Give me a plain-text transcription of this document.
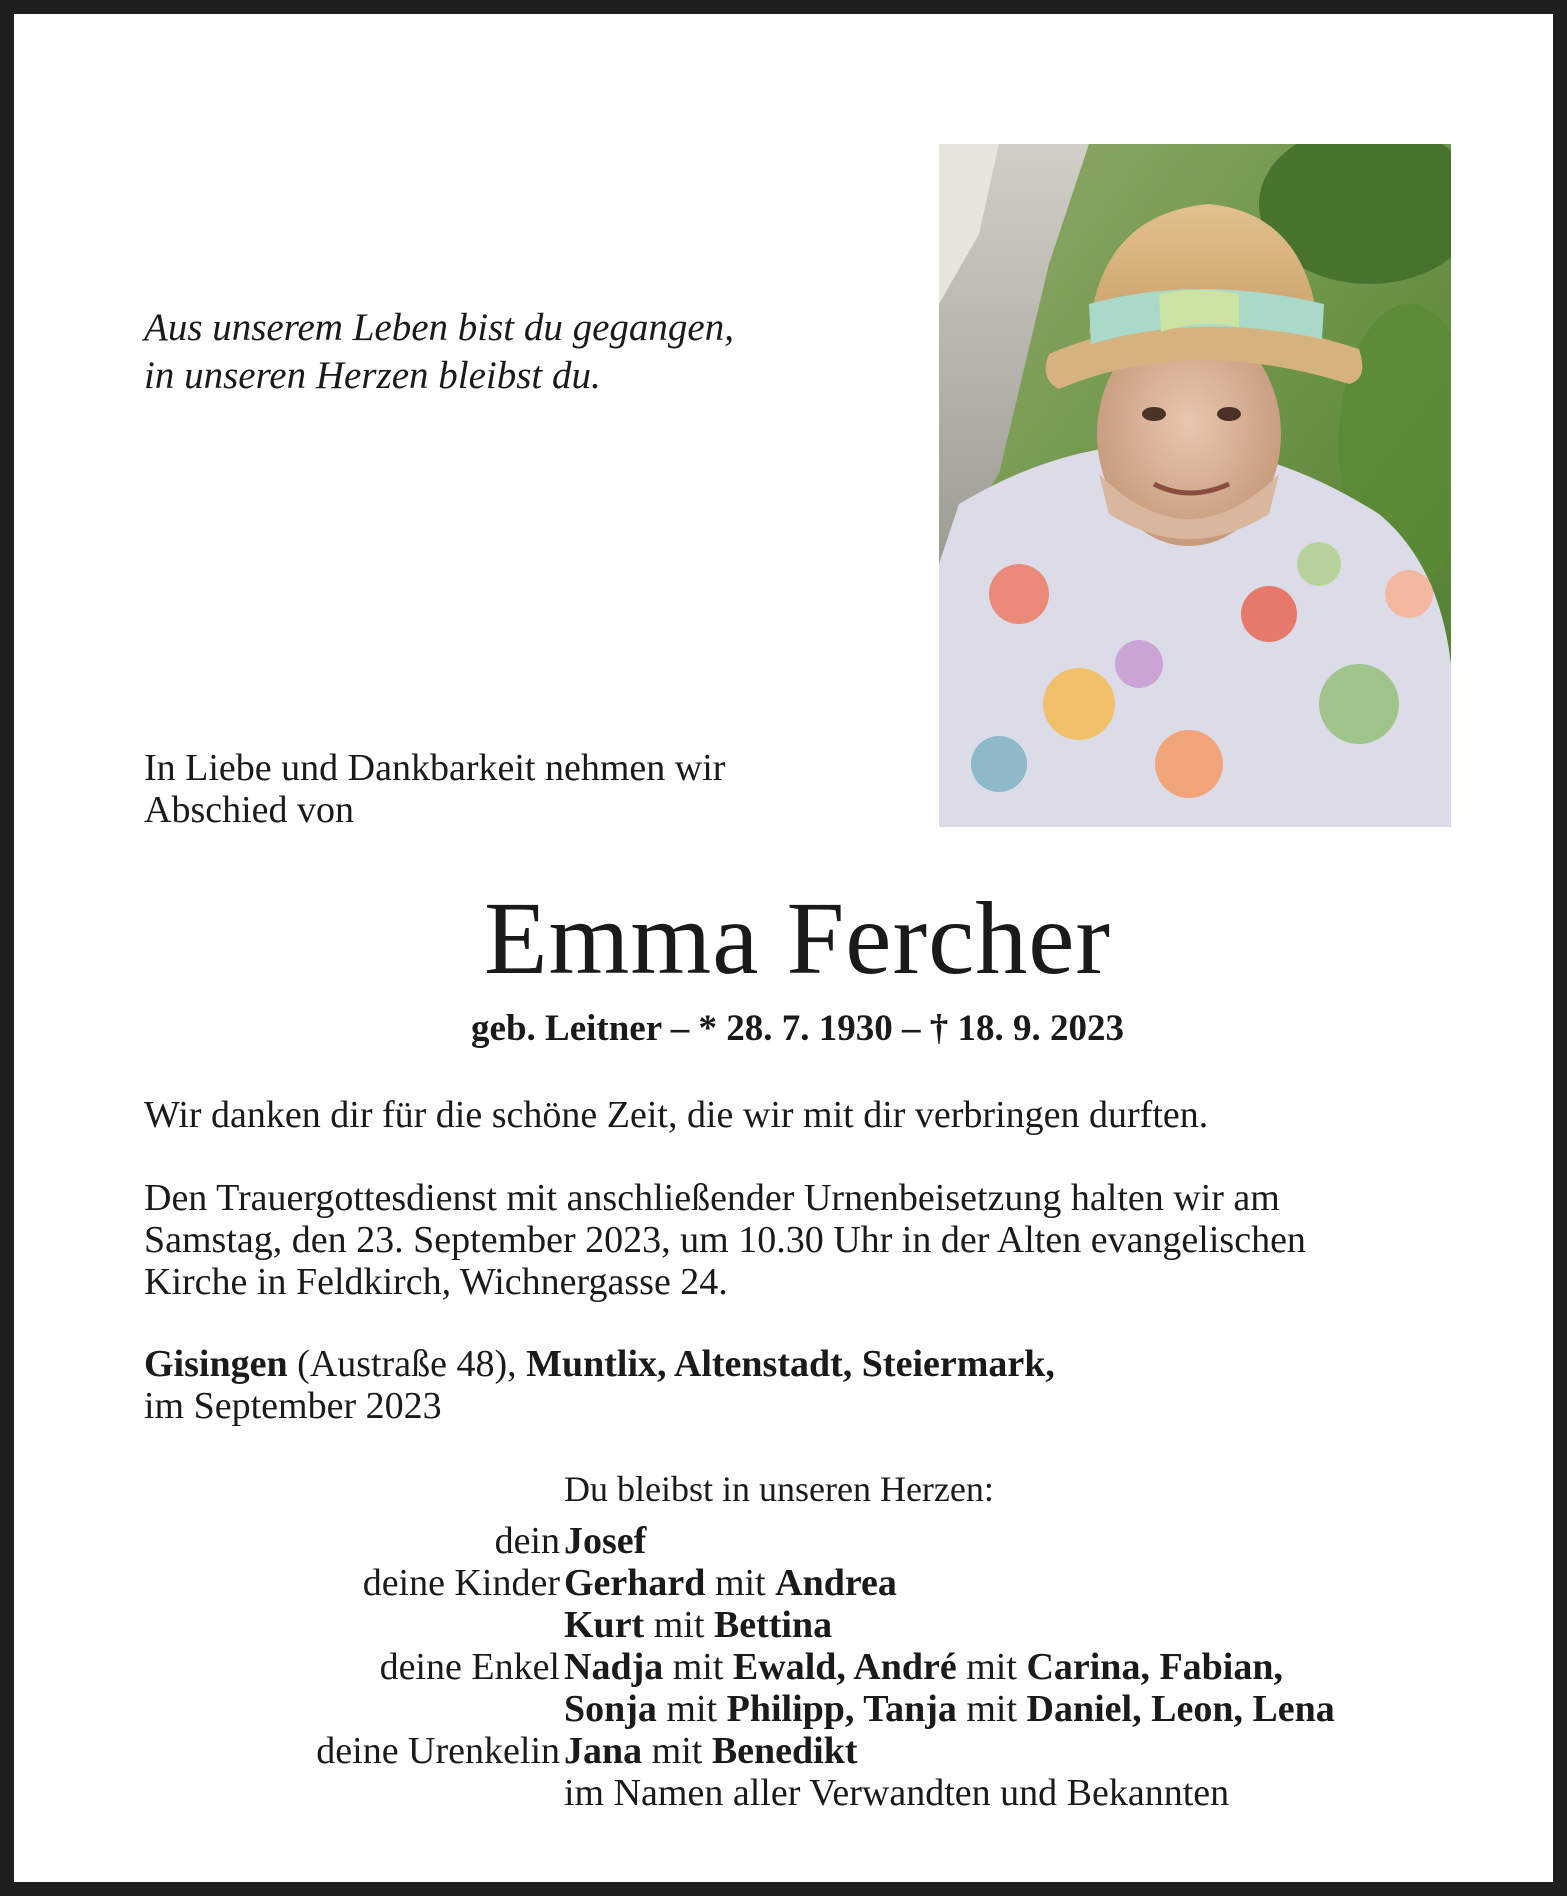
Aus unserem Leben bist du gegangen,
in unseren Herzen bleibst du.

In Liebe und Dankbarkeit nehmen wir
Abschied von

Emma Fercher

geb. Leitner – * 28. 7. 1930 – † 18. 9. 2023

Wir danken dir für die schöne Zeit, die wir mit dir verbringen durften.

Den Trauergottesdienst mit anschließender Urnenbeisetzung halten wir am
Samstag, den 23. September 2023, um 10.30 Uhr in der Alten evangelischen
Kirche in Feldkirch, Wichnergasse 24.

Gisingen (Austraße 48), Muntlix, Altenstadt, Steiermark,
im September 2023

Du bleibst in unseren Herzen:

dein Josef
deine Kinder Gerhard mit Andrea
Kurt mit Bettina
deine Enkel Nadja mit Ewald, André mit Carina, Fabian,
Sonja mit Philipp, Tanja mit Daniel, Leon, Lena
deine Urenkelin Jana mit Benedikt
im Namen aller Verwandten und Bekannten
